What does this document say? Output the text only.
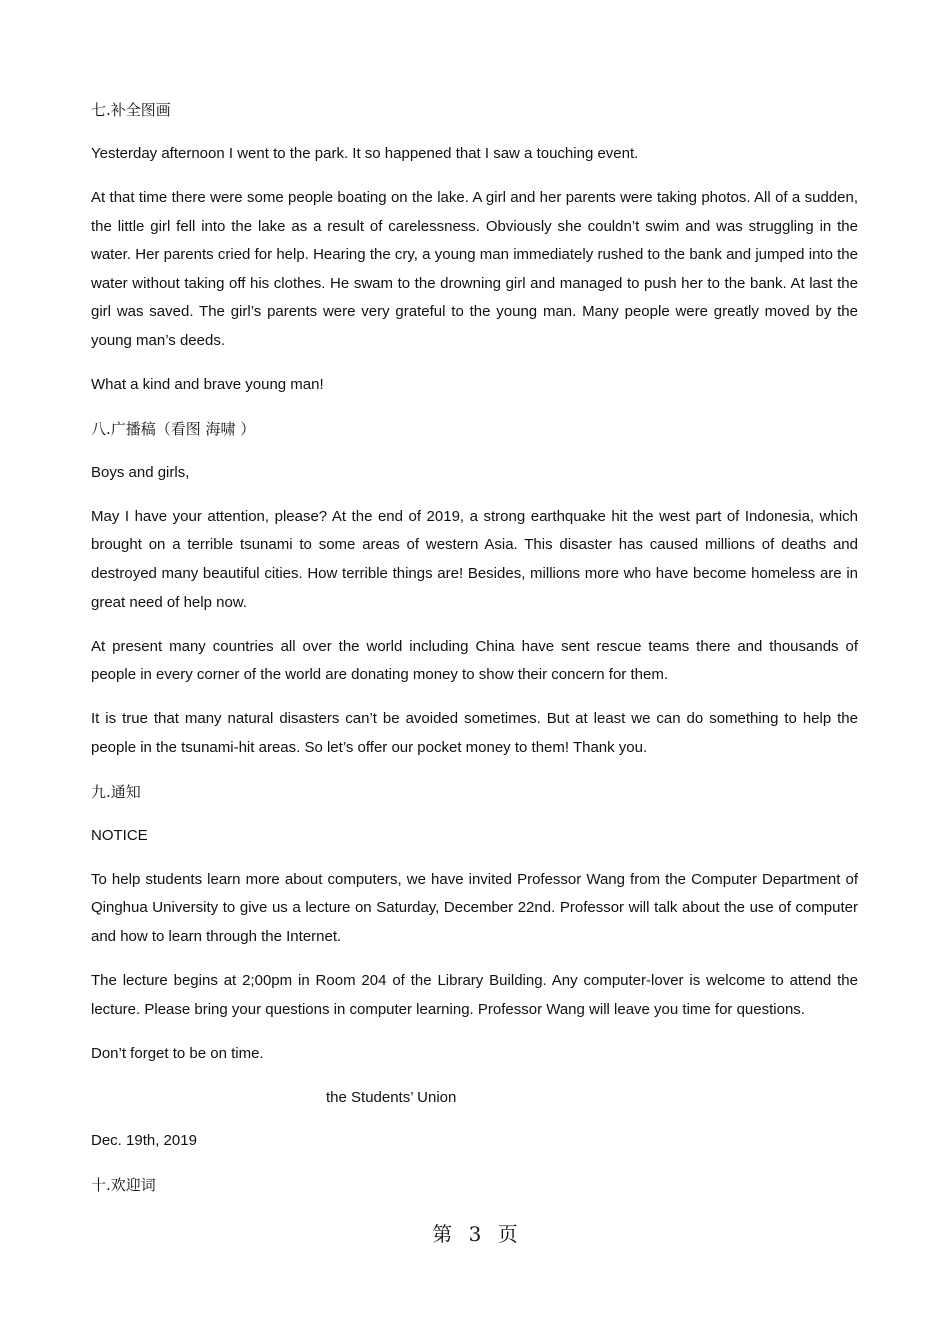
七.补全图画

Yesterday afternoon I went to the park. It so happened that I saw a touching event.

At that time there were some people boating on the lake. A girl and her parents were taking photos. All of a sudden, the little girl fell into the lake as a result of carelessness. Obviously she couldn’t swim and was struggling in the water. Her parents cried for help. Hearing the cry, a young man immediately rushed to the bank and jumped into the water without taking off his clothes. He swam to the drowning girl and managed to push her to the bank. At last the girl was saved. The girl’s parents were very grateful to the young man. Many people were greatly moved by the young man’s deeds.

What a kind and brave young man!

八.广播稿（看图 海啸 ）

Boys and girls,

May I have your attention, please? At the end of 2019, a strong earthquake hit the west part of Indonesia, which brought on a terrible tsunami to some areas of western Asia. This disaster has caused millions of deaths and destroyed many beautiful cities. How terrible things are! Besides, millions more who have become homeless are in great need of help now.

At present many countries all over the world including China have sent rescue teams there and thousands of people in every corner of the world are donating money to show their concern for them.

It is true that many natural disasters can’t be avoided sometimes. But at least we can do something to help the people in the tsunami-hit areas. So let’s offer our pocket money to them! Thank you.

九.通知

NOTICE

To help students learn more about computers, we have invited Professor Wang from the Computer Department of Qinghua University to give us a lecture on Saturday, December 22nd. Professor will talk about the use of computer and how to learn through the Internet.

The lecture begins at 2;00pm in Room 204 of the Library Building. Any computer-lover is welcome to attend the lecture. Please bring your questions in computer learning. Professor Wang will leave you time for questions.

Don’t forget to be on time.

the Students’ Union

Dec. 19th, 2019

十.欢迎词

第 3 页
